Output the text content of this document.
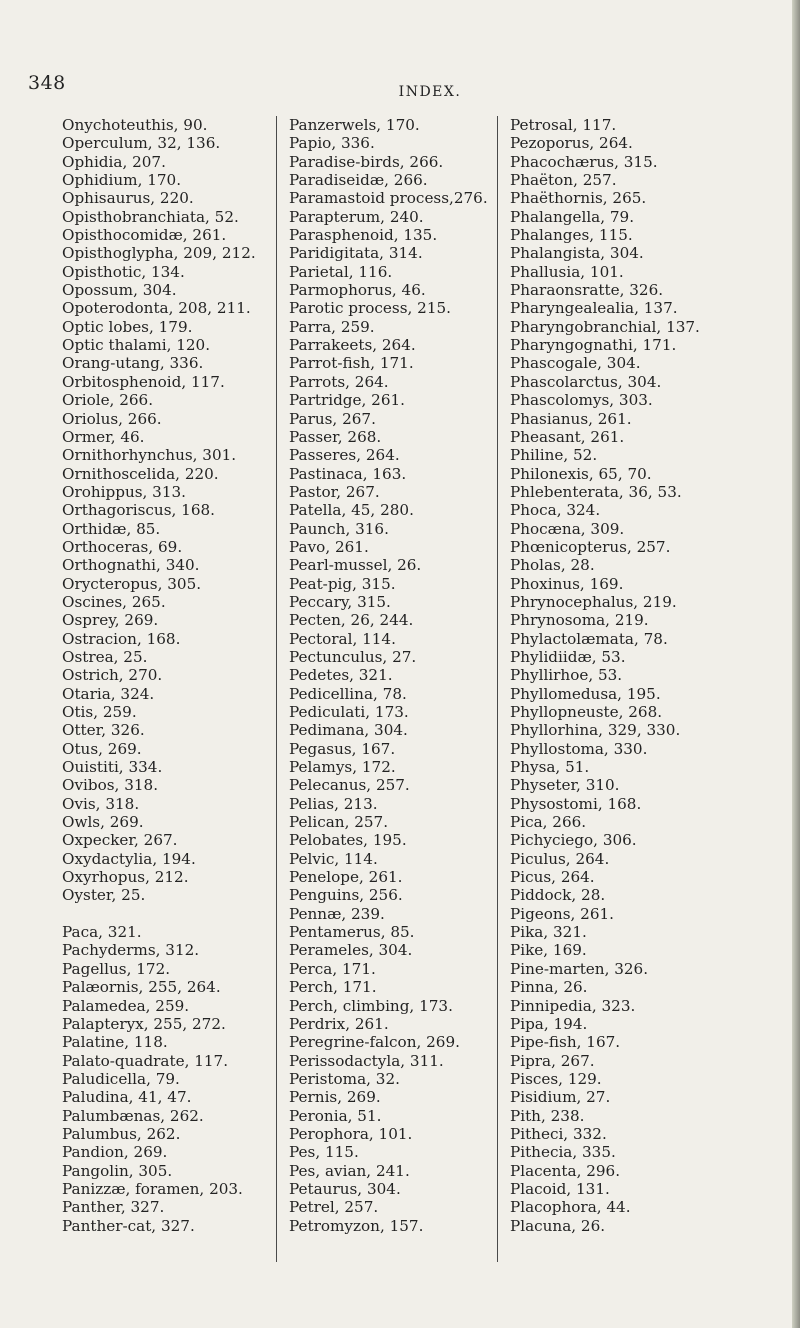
348	INDEX.
Onychoteuthis, 90.
Operculum, 32, 136.
Ophidia, 207.
Ophidium, 170.
Ophisaurus, 220.
Opisthobranchiata, 52.
Opisthocomidæ, 261.
Opisthoglypha, 209, 212.
Opisthotic, 134.
Opossum, 304.
Opoterodonta, 208, 211.
Optic lobes, 179.
Optic thalami, 120.
Orang-utang, 336.
Orbitosphenoid, 117.
Oriole, 266.
Oriolus, 266.
Ormer, 46.
Ornithorhynchus, 301.
Ornithoscelida, 220.
Orohippus, 313.
Orthagoriscus, 168.
Orthidæ, 85.
Orthoceras, 69.
Orthognathi, 340.
Orycteropus, 305.
Oscines, 265.
Osprey, 269.
Ostracion, 168.
Ostrea, 25.
Ostrich, 270.
Otaria, 324.
Otis, 259.
Otter, 326.
Otus, 269.
Ouistiti, 334.
Ovibos, 318.
Ovis, 318.
Owls, 269.
Oxpecker, 267.
Oxydactylia, 194.
Oxyrhopus, 212.
Oyster, 25.
Paca, 321.
Pachyderms, 312.
Pagellus, 172.
Palæornis, 255, 264.
Palamedea, 259.
Palapteryx, 255, 272.
Palatine, 118.
Palato-quadrate, 117.
Paludicella, 79.
Paludina, 41, 47.
Palumbænas, 262.
Palumbus, 262.
Pandion, 269.
Pangolin, 305.
Panizzæ, foramen, 203.
Panther, 327.
Panther-cat, 327.
Panzerwels, 170.
Papio, 336.
Paradise-birds, 266.
Paradiseidæ, 266.
Paramastoid process,276.
Parapterum, 240.
Parasphenoid, 135.
Paridigitata, 314.
Parietal, 116.
Parmophorus, 46.
Parotic process, 215.
Parra, 259.
Parrakeets, 264.
Parrot-fish, 171.
Parrots, 264.
Partridge, 261.
Parus, 267.
Passer, 268.
Passeres, 264.
Pastinaca, 163.
Pastor, 267.
Patella, 45, 280.
Paunch, 316.
Pavo, 261.
Pearl-mussel, 26.
Peat-pig, 315.
Peccary, 315.
Pecten, 26, 244.
Pectoral, 114.
Pectunculus, 27.
Pedetes, 321.
Pedicellina, 78.
Pediculati, 173.
Pedimana, 304.
Pegasus, 167.
Pelamys, 172.
Pelecanus, 257.
Pelias, 213.
Pelican, 257.
Pelobates, 195.
Pelvic, 114.
Penelope, 261.
Penguins, 256.
Pennæ, 239.
Pentamerus, 85.
Perameles, 304.
Perca, 171.
Perch, 171.
Perch, climbing, 173.
Perdrix, 261.
Peregrine-falcon, 269.
Perissodactyla, 311.
Peristoma, 32.
Pernis, 269.
Peronia, 51.
Perophora, 101.
Pes, 115.
Pes, avian, 241.
Petaurus, 304.
Petrel, 257.
Petromyzon, 157.
Petrosal, 117.
Pezoporus, 264.
Phacochærus, 315.
Phaëton, 257.
Phaëthornis, 265.
Phalangella, 79.
Phalanges, 115.
Phalangista, 304.
Phallusia, 101.
Pharaonsratte, 326.
Pharyngealealia, 137.
Pharyngobranchial, 137.
Pharyngognathi, 171.
Phascogale, 304.
Phascolarctus, 304.
Phascolomys, 303.
Phasianus, 261.
Pheasant, 261.
Philine, 52.
Philonexis, 65, 70.
Phlebenterata, 36, 53.
Phoca, 324.
Phocæna, 309.
Phœnicopterus, 257.
Pholas, 28.
Phoxinus, 169.
Phrynocephalus, 219.
Phrynosoma, 219.
Phylactolæmata, 78.
Phylidiidæ, 53.
Phyllirhoe, 53.
Phyllomedusa, 195.
Phyllopneuste, 268.
Phyllorhina, 329, 330.
Phyllostoma, 330.
Physa, 51.
Physeter, 310.
Physostomi, 168.
Pica, 266.
Pichyciego, 306.
Piculus, 264.
Picus, 264.
Piddock, 28.
Pigeons, 261.
Pika, 321.
Pike, 169.
Pine-marten, 326.
Pinna, 26.
Pinnipedia, 323.
Pipa, 194.
Pipe-fish, 167.
Pipra, 267.
Pisces, 129.
Pisidium, 27.
Pith, 238.
Pitheci, 332.
Pithecia, 335.
Placenta, 296.
Placoid, 131.
Placophora, 44.
Placuna, 26.
